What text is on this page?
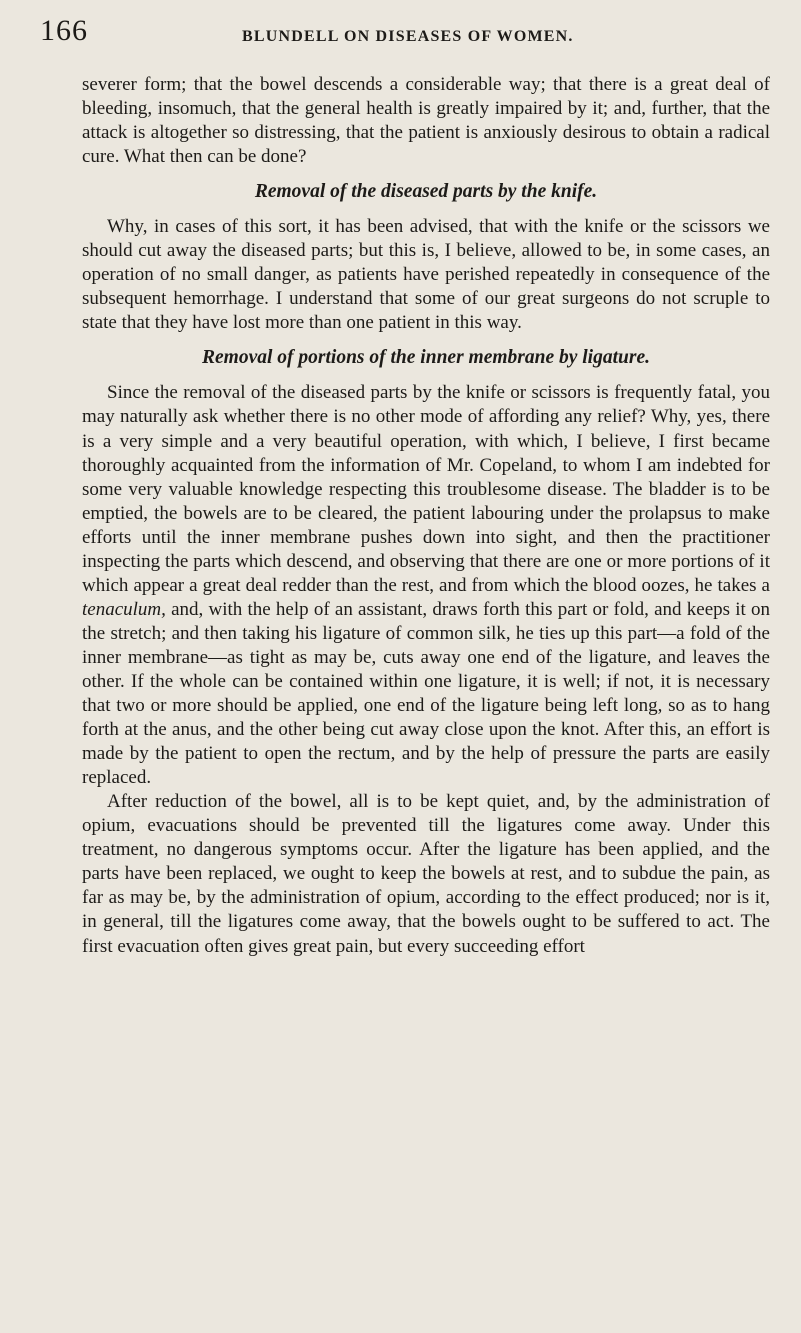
166	BLUNDELL ON DISEASES OF WOMEN.

severer form; that the bowel descends a considerable way; that there is a great deal of bleeding, insomuch, that the general health is greatly impaired by it; and, further, that the attack is altogether so distressing, that the patient is anxiously desirous to obtain a radical cure. What then can be done?

Removal of the diseased parts by the knife.

Why, in cases of this sort, it has been advised, that with the knife or the scissors we should cut away the diseased parts; but this is, I believe, allowed to be, in some cases, an operation of no small danger, as patients have perished repeatedly in consequence of the subsequent hemorrhage. I understand that some of our great surgeons do not scruple to state that they have lost more than one patient in this way.

Removal of portions of the inner membrane by ligature.

Since the removal of the diseased parts by the knife or scissors is frequently fatal, you may naturally ask whether there is no other mode of affording any relief? Why, yes, there is a very simple and a very beautiful operation, with which, I believe, I first became thoroughly acquainted from the information of Mr. Copeland, to whom I am indebted for some very valuable knowledge respecting this troublesome disease. The bladder is to be emptied, the bowels are to be cleared, the patient labouring under the prolapsus to make efforts until the inner membrane pushes down into sight, and then the practitioner inspecting the parts which descend, and observing that there are one or more portions of it which appear a great deal redder than the rest, and from which the blood oozes, he takes a tenaculum, and, with the help of an assistant, draws forth this part or fold, and keeps it on the stretch; and then taking his ligature of common silk, he ties up this part—a fold of the inner membrane—as tight as may be, cuts away one end of the ligature, and leaves the other. If the whole can be contained within one ligature, it is well; if not, it is necessary that two or more should be applied, one end of the ligature being left long, so as to hang forth at the anus, and the other being cut away close upon the knot. After this, an effort is made by the patient to open the rectum, and by the help of pressure the parts are easily replaced.

After reduction of the bowel, all is to be kept quiet, and, by the administration of opium, evacuations should be prevented till the ligatures come away. Under this treatment, no dangerous symptoms occur. After the ligature has been applied, and the parts have been replaced, we ought to keep the bowels at rest, and to subdue the pain, as far as may be, by the administration of opium, according to the effect produced; nor is it, in general, till the ligatures come away, that the bowels ought to be suffered to act. The first evacuation often gives great pain, but every succeeding effort
